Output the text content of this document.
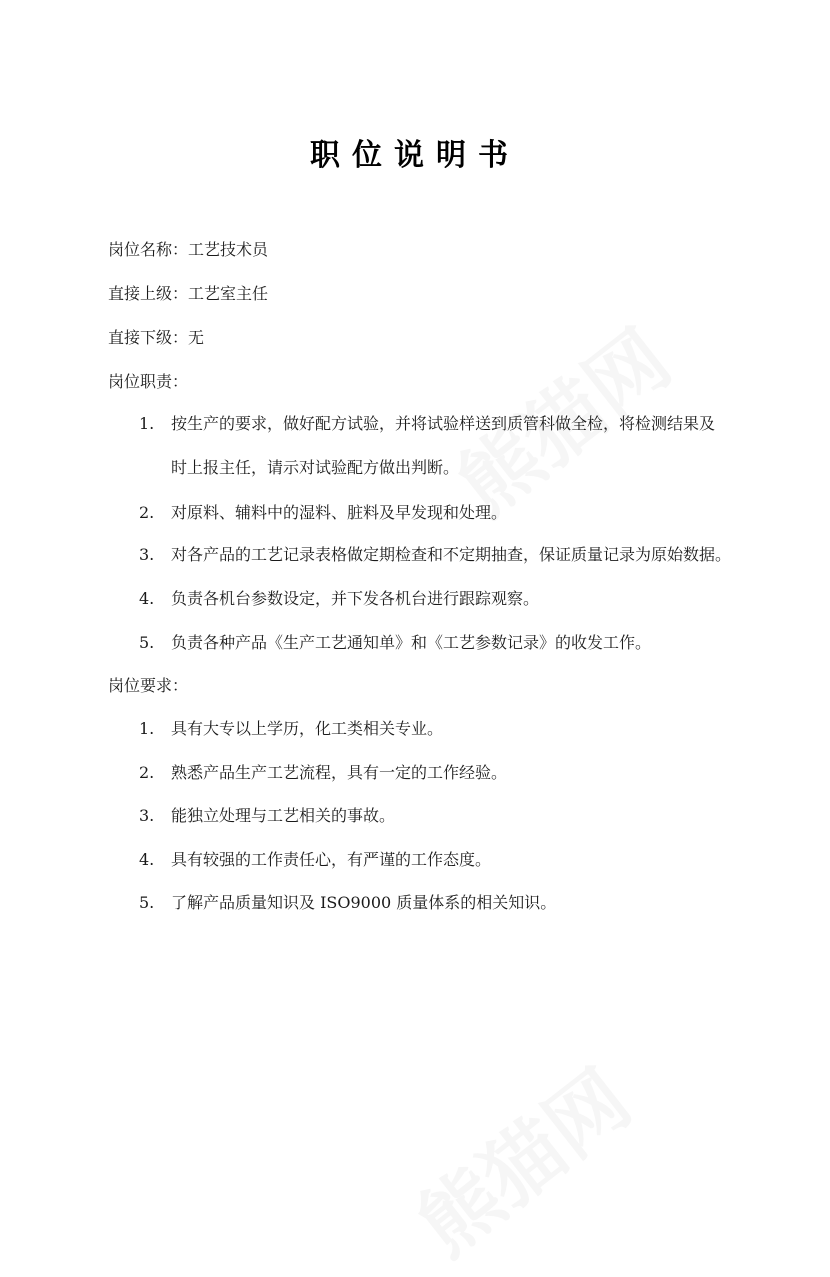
职位说明书
岗位名称：工艺技术员
直接上级：工艺室主任
直接下级：无
岗位职责：
1. 按生产的要求，做好配方试验，并将试验样送到质管科做全检，将检测结果及
时上报主任，请示对试验配方做出判断。
2. 对原料、辅料中的湿料、脏料及早发现和处理。
3. 对各产品的工艺记录表格做定期检查和不定期抽查，保证质量记录为原始数据。
4. 负责各机台参数设定，并下发各机台进行跟踪观察。
5. 负责各种产品《生产工艺通知单》和《工艺参数记录》的收发工作。
岗位要求：
1. 具有大专以上学历，化工类相关专业。
2. 熟悉产品生产工艺流程，具有一定的工作经验。
3. 能独立处理与工艺相关的事故。
4. 具有较强的工作责任心，有严谨的工作态度。
5. 了解产品质量知识及 ISO9000 质量体系的相关知识。
